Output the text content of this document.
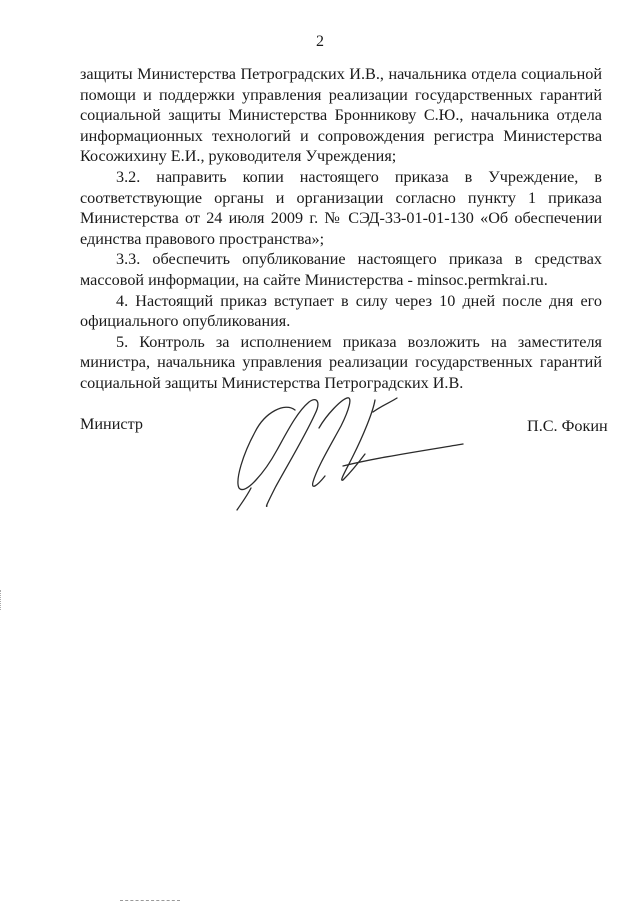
2

защиты Министерства Петроградских И.В., начальника отдела социальной помощи и поддержки управления реализации государственных гарантий социальной защиты Министерства Бронникову С.Ю., начальника отдела информационных технологий и сопровождения регистра Министерства Косожихину Е.И., руководителя Учреждения;

3.2. направить копии настоящего приказа в Учреждение, в соответствующие органы и организации согласно пункту 1 приказа Министерства от 24 июля 2009 г. № СЭД-33-01-01-130 «Об обеспечении единства правового пространства»;

3.3. обеспечить опубликование настоящего приказа в средствах массовой информации, на сайте Министерства - minsoc.permkrai.ru.

4. Настоящий приказ вступает в силу через 10 дней после дня его официального опубликования.

5. Контроль за исполнением приказа возложить на заместителя министра, начальника управления реализации государственных гарантий социальной защиты Министерства Петроградских И.В.

Министр	П.С. Фокин
